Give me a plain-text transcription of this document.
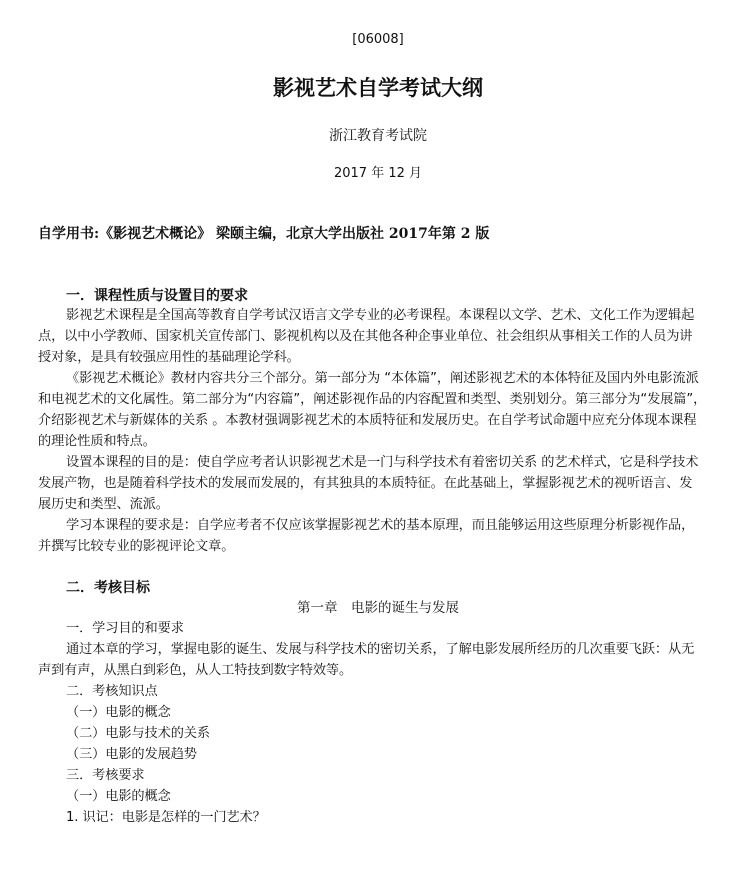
[06008]
影视艺术自学考试大纲
浙江教育考试院
2017 年 12 月
自学用书:《影视艺术概论》 梁颐主编，北京大学出版社 2017年第 2 版
一．课程性质与设置目的要求
影视艺术课程是全国高等教育自学考试汉语言文学专业的必考课程。本课程以文学、艺术、文化工作为逻辑起
点，以中小学教师、国家机关宣传部门、影视机构以及在其他各种企事业单位、社会组织从事相关工作的人员为讲
授对象，是具有较强应用性的基础理论学科。
《影视艺术概论》教材内容共分三个部分。第一部分为 “本体篇”，阐述影视艺术的本体特征及国内外电影流派
和电视艺术的文化属性。第二部分为“内容篇”，阐述影视作品的内容配置和类型、类别划分。第三部分为“发展篇”，
介绍影视艺术与新媒体的关系 。本教材强调影视艺术的本质特征和发展历史。在自学考试命题中应充分体现本课程
的理论性质和特点。
设置本课程的目的是：使自学应考者认识影视艺术是一门与科学技术有着密切关系 的艺术样式，它是科学技术
发展产物，也是随着科学技术的发展而发展的，有其独具的本质特征。在此基础上，掌握影视艺术的视听语言、发
展历史和类型、流派。
学习本课程的要求是：自学应考者不仅应该掌握影视艺术的基本原理，而且能够运用这些原理分析影视作品，
并撰写比较专业的影视评论文章。
二．考核目标
第一章　电影的诞生与发展
一．学习目的和要求
通过本章的学习，掌握电影的诞生、发展与科学技术的密切关系，了解电影发展所经历的几次重要飞跃：从无
声到有声，从黑白到彩色，从人工特技到数字特效等。
二．考核知识点
（一）电影的概念
（二）电影与技术的关系
（三）电影的发展趋势
三．考核要求
（一）电影的概念
1. 识记：电影是怎样的一门艺术？
